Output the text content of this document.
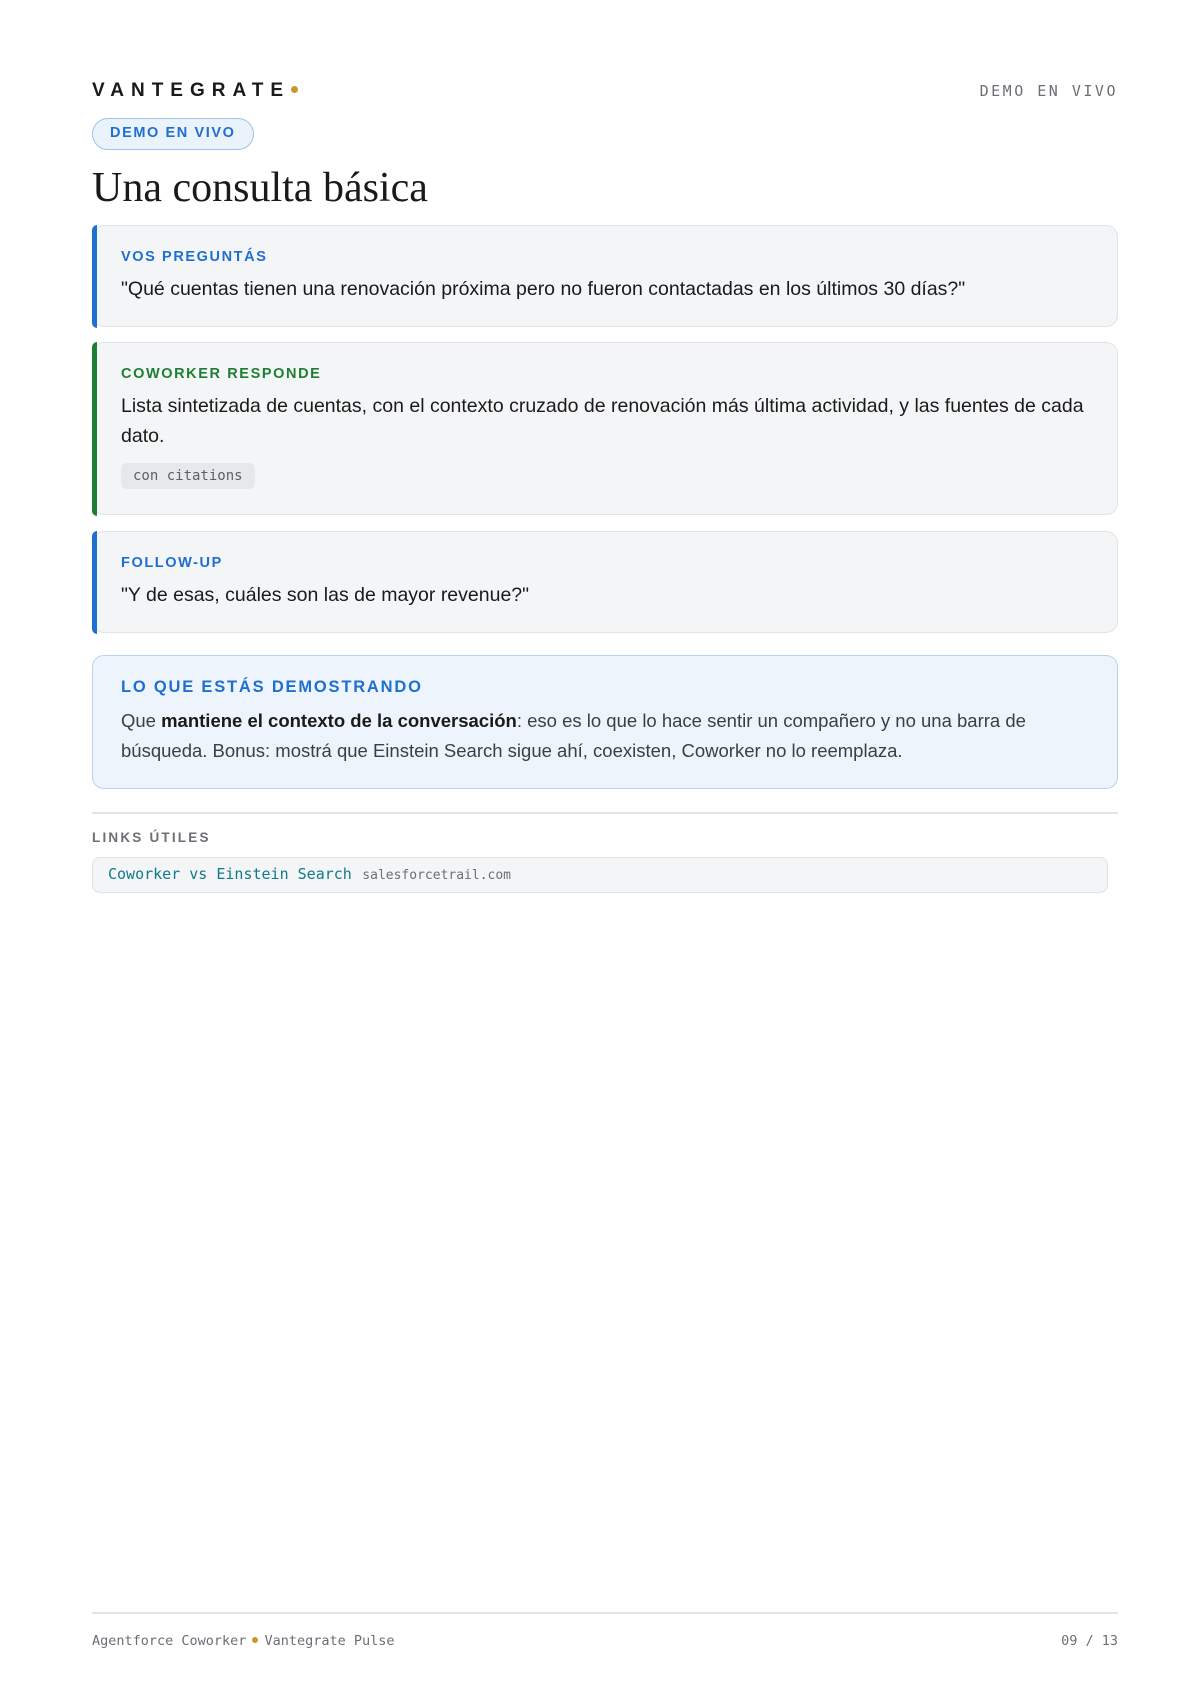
VANTEGRATE	DEMO EN VIVO
DEMO EN VIVO
Una consulta básica
VOS PREGUNTÁS
"Qué cuentas tienen una renovación próxima pero no fueron contactadas en los últimos 30 días?"
COWORKER RESPONDE
Lista sintetizada de cuentas, con el contexto cruzado de renovación más última actividad, y las fuentes de cada dato.
con citations
FOLLOW-UP
"Y de esas, cuáles son las de mayor revenue?"
LO QUE ESTÁS DEMOSTRANDO
Que mantiene el contexto de la conversación: eso es lo que lo hace sentir un compañero y no una barra de búsqueda. Bonus: mostrá que Einstein Search sigue ahí, coexisten, Coworker no lo reemplaza.
LINKS ÚTILES
Coworker vs Einstein Search salesforcetrail.com
Agentforce Coworker Vantegrate Pulse	09 / 13
